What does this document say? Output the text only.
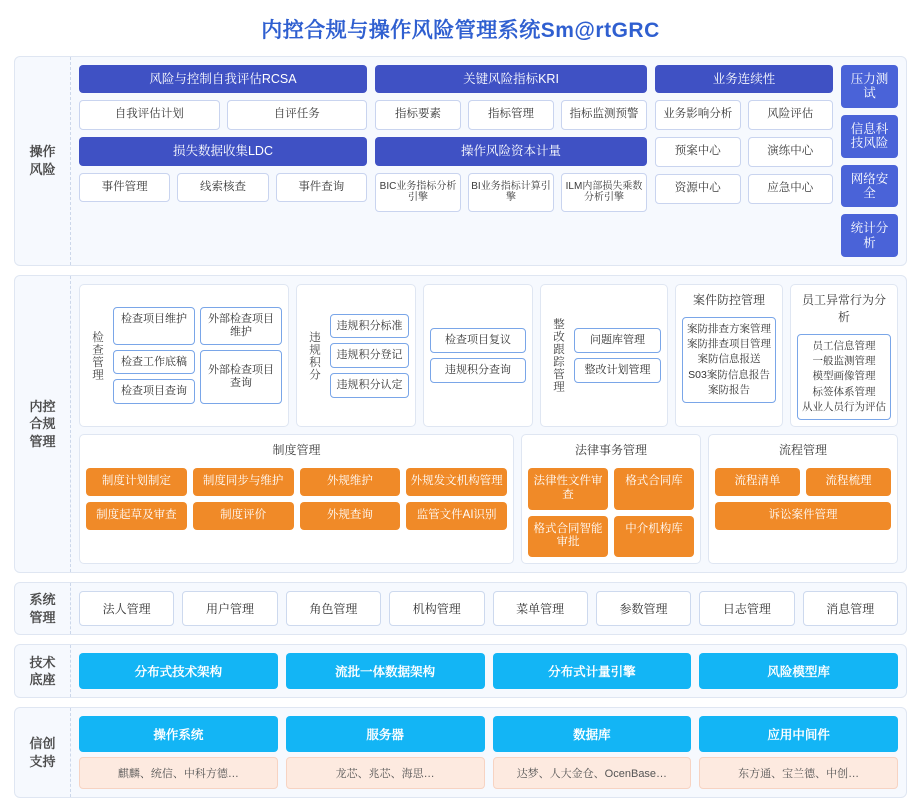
内控合规与操作风险管理系统Sm@rtGRC
操作
风险
风险与控制自我评估RCSA
自我评估计划	自评任务
损失数据收集LDC
事件管理	线索核查	事件查询
关键风险指标KRI
指标要素	指标管理	指标监测预警
操作风险资本计量
BIC业务指标分析引擎
BI业务指标计算引擎
ILM内部损失乘数分析引擎
业务连续性
业务影响分析	风险评估
预案中心	演练中心
资源中心	应急中心
压力测试
信息科技风险
网络安全
统计分析
内控
合规
管理
检查管理
检查项目维护	外部检查项目维护
检查工作底稿
外部检查项目查询
检查项目查询
违规积分
违规积分标准
违规积分登记
违规积分认定
检查项目复议
违规积分查询	整改跟踪管理	问题库管理
整改计划管理
案件防控管理
案防排查方案管理
案防排查项目管理
案防信息报送
S03案防信息报告
案防报告
员工异常行为分析
员工信息管理
一般监测管理
模型画像管理
标签体系管理
从业人员行为评估
制度管理
制度计划制定	制度同步与维护	外规维护	外规发文机构管理
制度起草及审查	制度评价	外规查询	监管文件AI识别
法律事务管理
法律性文件审查
格式合同库
格式合同智能审批
中介机构库
流程管理
流程清单	流程梳理
诉讼案件管理
系统
管理
法人管理	用户管理	角色管理	机构管理	菜单管理	参数管理	日志管理	消息管理
技术
底座	分布式技术架构	流批一体数据架构	分布式计量引擎	风险模型库
信创
支持
操作系统
麒麟、统信、中科方德…
服务器
龙芯、兆芯、海思…
数据库
达梦、人大金仓、OcenBase…
应用中间件
东方通、宝兰德、中创…
